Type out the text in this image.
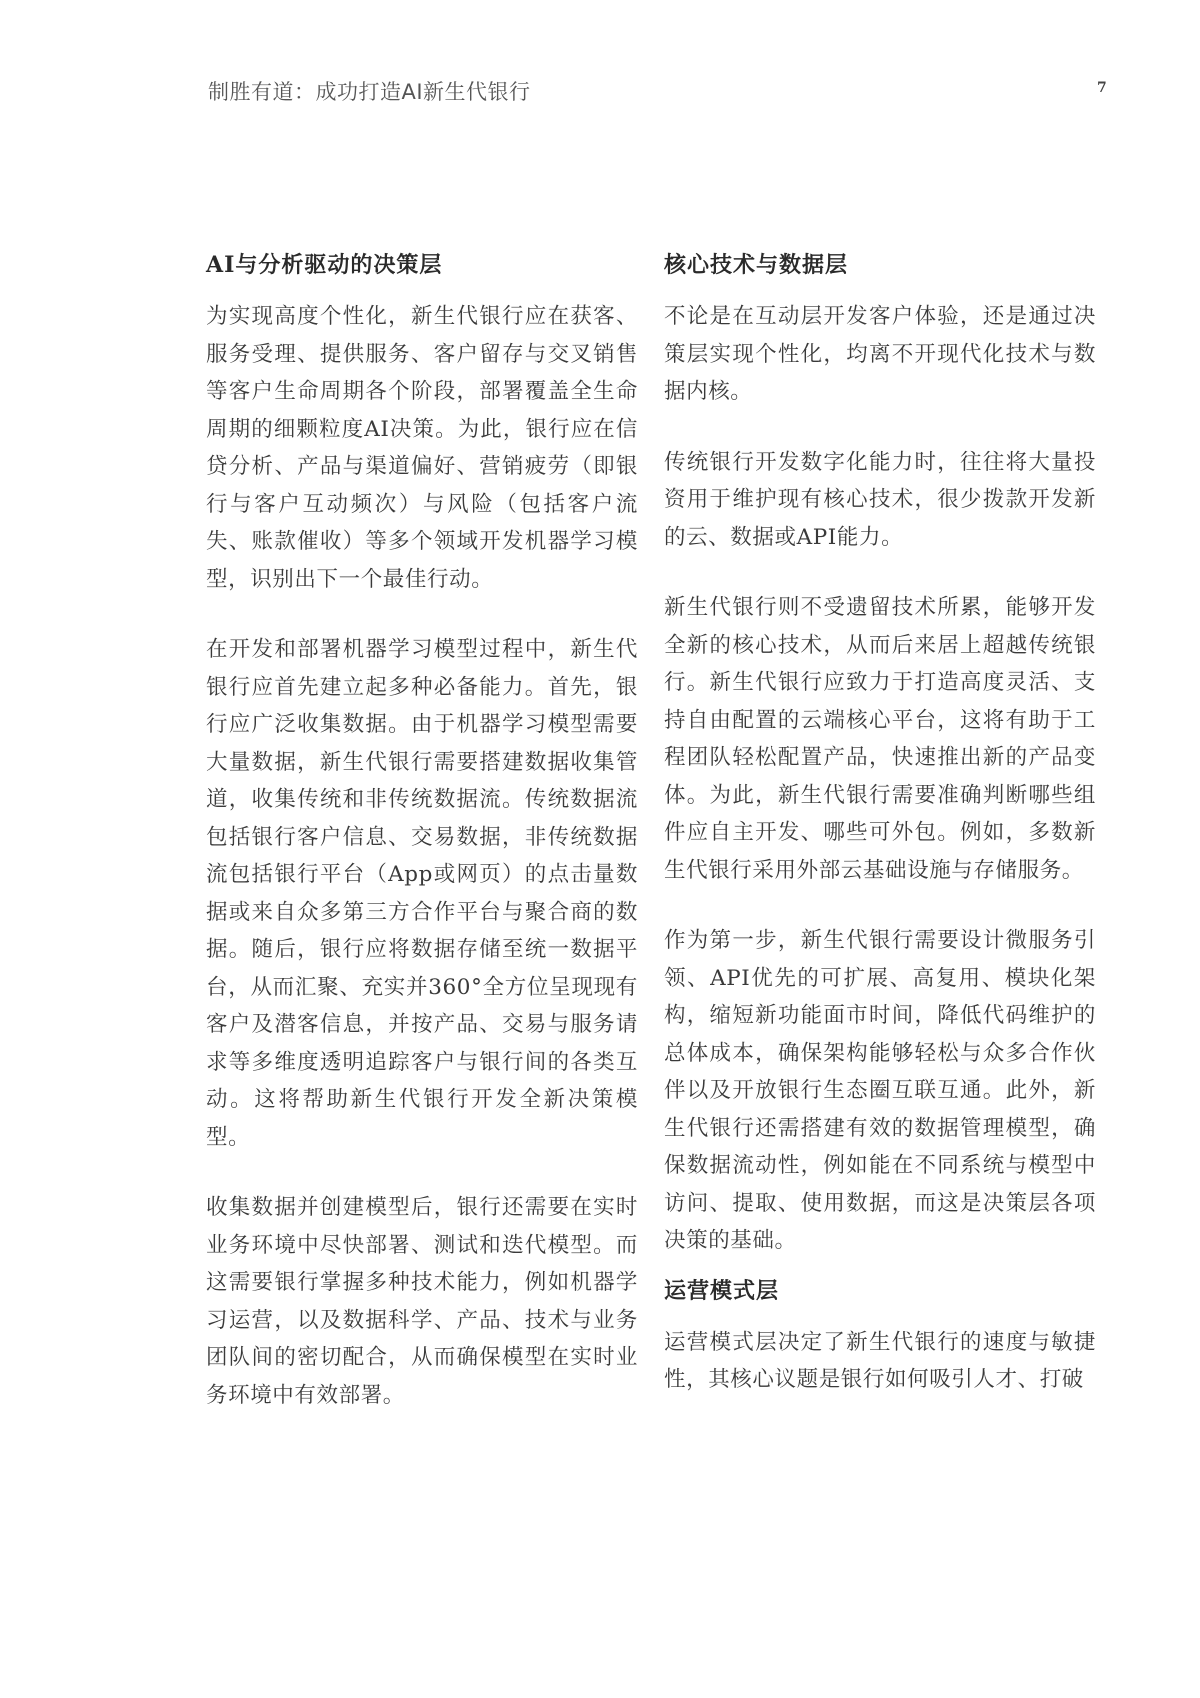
制胜有道：成功打造AI新生代银行	7
AI与分析驱动的决策层

为实现高度个性化，新生代银行应在获客、服务受理、提供服务、客户留存与交叉销售等客户生命周期各个阶段，部署覆盖全生命周期的细颗粒度AI决策。为此，银行应在信贷分析、产品与渠道偏好、营销疲劳（即银行与客户互动频次）与风险（包括客户流失、账款催收）等多个领域开发机器学习模型，识别出下一个最佳行动。

在开发和部署机器学习模型过程中，新生代银行应首先建立起多种必备能力。首先，银行应广泛收集数据。由于机器学习模型需要大量数据，新生代银行需要搭建数据收集管道，收集传统和非传统数据流。传统数据流包括银行客户信息、交易数据，非传统数据流包括银行平台（App或网页）的点击量数据或来自众多第三方合作平台与聚合商的数据。随后，银行应将数据存储至统一数据平台，从而汇聚、充实并360°全方位呈现现有客户及潜客信息，并按产品、交易与服务请求等多维度透明追踪客户与银行间的各类互动。这将帮助新生代银行开发全新决策模型。

收集数据并创建模型后，银行还需要在实时业务环境中尽快部署、测试和迭代模型。而这需要银行掌握多种技术能力，例如机器学习运营，以及数据科学、产品、技术与业务团队间的密切配合，从而确保模型在实时业务环境中有效部署。

核心技术与数据层

不论是在互动层开发客户体验，还是通过决策层实现个性化，均离不开现代化技术与数据内核。

传统银行开发数字化能力时，往往将大量投资用于维护现有核心技术，很少拨款开发新的云、数据或API能力。

新生代银行则不受遗留技术所累，能够开发全新的核心技术，从而后来居上超越传统银行。新生代银行应致力于打造高度灵活、支持自由配置的云端核心平台，这将有助于工程团队轻松配置产品，快速推出新的产品变体。为此，新生代银行需要准确判断哪些组件应自主开发、哪些可外包。例如，多数新生代银行采用外部云基础设施与存储服务。

作为第一步，新生代银行需要设计微服务引领、API优先的可扩展、高复用、模块化架构，缩短新功能面市时间，降低代码维护的总体成本，确保架构能够轻松与众多合作伙伴以及开放银行生态圈互联互通。此外，新生代银行还需搭建有效的数据管理模型，确保数据流动性，例如能在不同系统与模型中访问、提取、使用数据，而这是决策层各项决策的基础。

运营模式层

运营模式层决定了新生代银行的速度与敏捷性，其核心议题是银行如何吸引人才、打破
